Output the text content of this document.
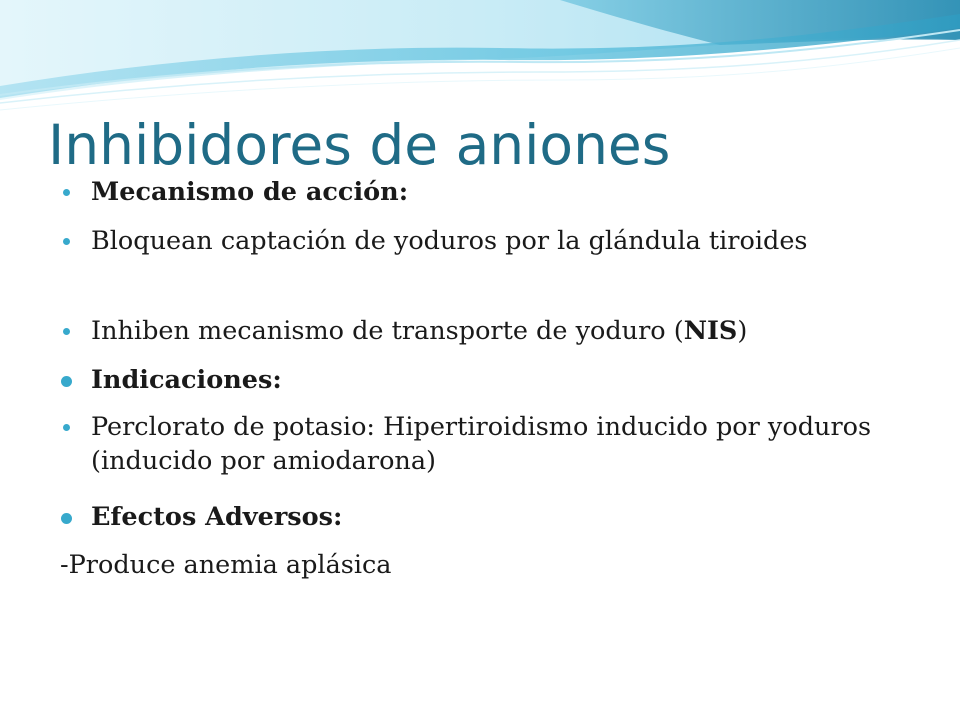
Inhibidores de aniones
Mecanismo de acción:
Bloquean captación de yoduros por la glándula tiroides
Inhiben mecanismo de transporte de yoduro (NIS)
Indicaciones:
Perclorato de potasio: Hipertiroidismo inducido por yoduros (inducido por amiodarona)
Efectos Adversos:
-Produce anemia aplásica
